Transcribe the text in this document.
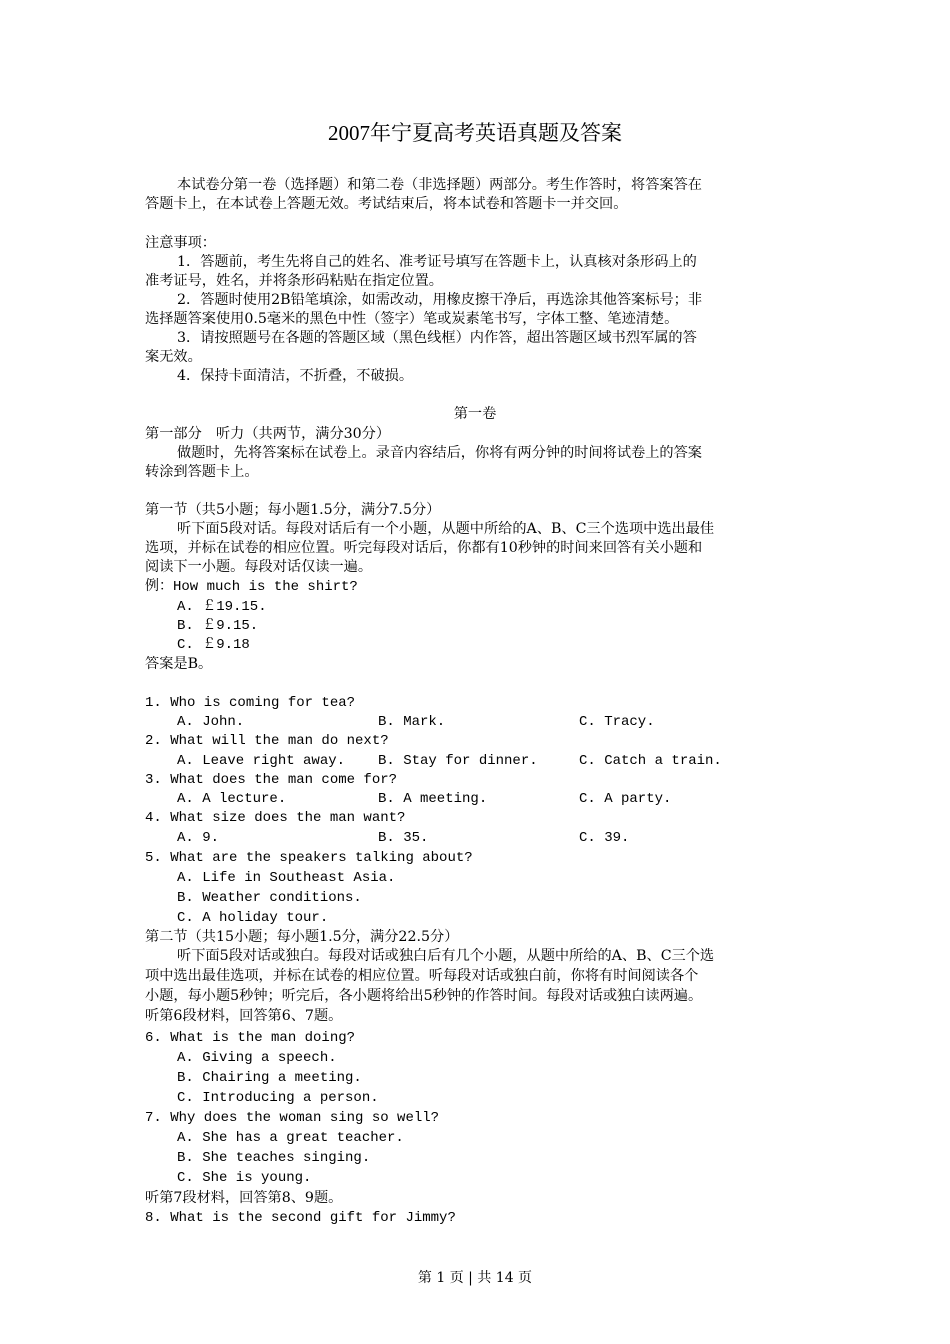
2007年宁夏高考英语真题及答案
本试卷分第一卷（选择题）和第二卷（非选择题）两部分。考生作答时，将答案答在
答题卡上，在本试卷上答题无效。考试结束后，将本试卷和答题卡一并交回。
注意事项：
1．答题前，考生先将自己的姓名、准考证号填写在答题卡上，认真核对条形码上的
准考证号，姓名，并将条形码粘贴在指定位置。
2．答题时使用2B铅笔填涂，如需改动，用橡皮擦干净后，再选涂其他答案标号；非
选择题答案使用0.5毫米的黑色中性（签字）笔或炭素笔书写，字体工整、笔迹清楚。
3．请按照题号在各题的答题区域（黑色线框）内作答，超出答题区域书烈军属的答
案无效。
4．保持卡面清洁，不折叠，不破损。
第一卷
第一部分　听力（共两节，满分30分）
做题时，先将答案标在试卷上。录音内容结后，你将有两分钟的时间将试卷上的答案
转涂到答题卡上。
第一节（共5小题；每小题1.5分，满分7.5分）
听下面5段对话。每段对话后有一个小题，从题中所给的A、B、C三个选项中选出最佳
选项，并标在试卷的相应位置。听完每段对话后，你都有10秒钟的时间来回答有关小题和
阅读下一小题。每段对话仅读一遍。
例：How much is the shirt?
A. ￡19.15.
B. ￡9.15.
C. ￡9.18
答案是B。
1. Who is coming for tea?
A. John.	B. Mark.	C. Tracy.
2. What will the man do next?
A. Leave right away. B. Stay for dinner.	C. Catch a train.
3. What does the man come for?
A. A lecture.	B. A meeting.	C. A party.
4. What size does the man want?
A. 9.	B. 35.	C. 39.
5. What are the speakers talking about?
A. Life in Southeast Asia.
B. Weather conditions.
C. A holiday tour.
第二节（共15小题；每小题1.5分，满分22.5分）
听下面5段对话或独白。每段对话或独白后有几个小题，从题中所给的A、B、C三个选
项中选出最佳选项，并标在试卷的相应位置。听每段对话或独白前，你将有时间阅读各个
小题，每小题5秒钟；听完后，各小题将给出5秒钟的作答时间。每段对话或独白读两遍。
听第6段材料，回答第6、7题。
6. What is the man doing?
A. Giving a speech.
B. Chairing a meeting.
C. Introducing a person.
7. Why does the woman sing so well?
A. She has a great teacher.
B. She teaches singing.
C. She is young.
听第7段材料，回答第8、9题。
8. What is the second gift for Jimmy?
第 1 页 | 共 14 页
